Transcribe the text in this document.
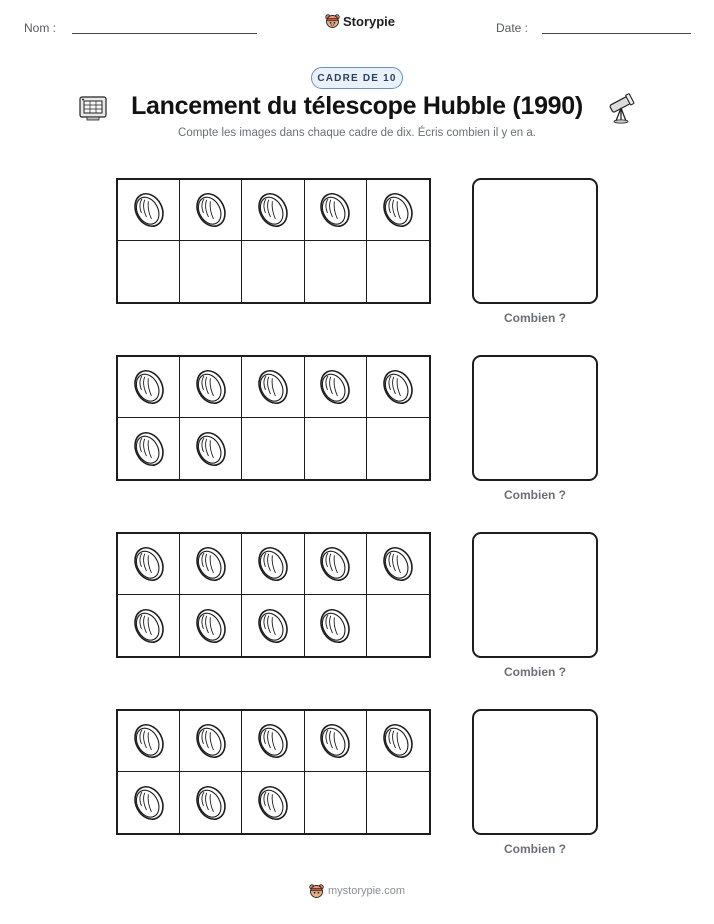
Nom :	Storypie	Date :
CADRE DE 10
Lancement du télescope Hubble (1990)
Compte les images dans chaque cadre de dix. Écris combien il y en a.
Combien ?
Combien ?
Combien ?
Combien ?
mystorypie.com
